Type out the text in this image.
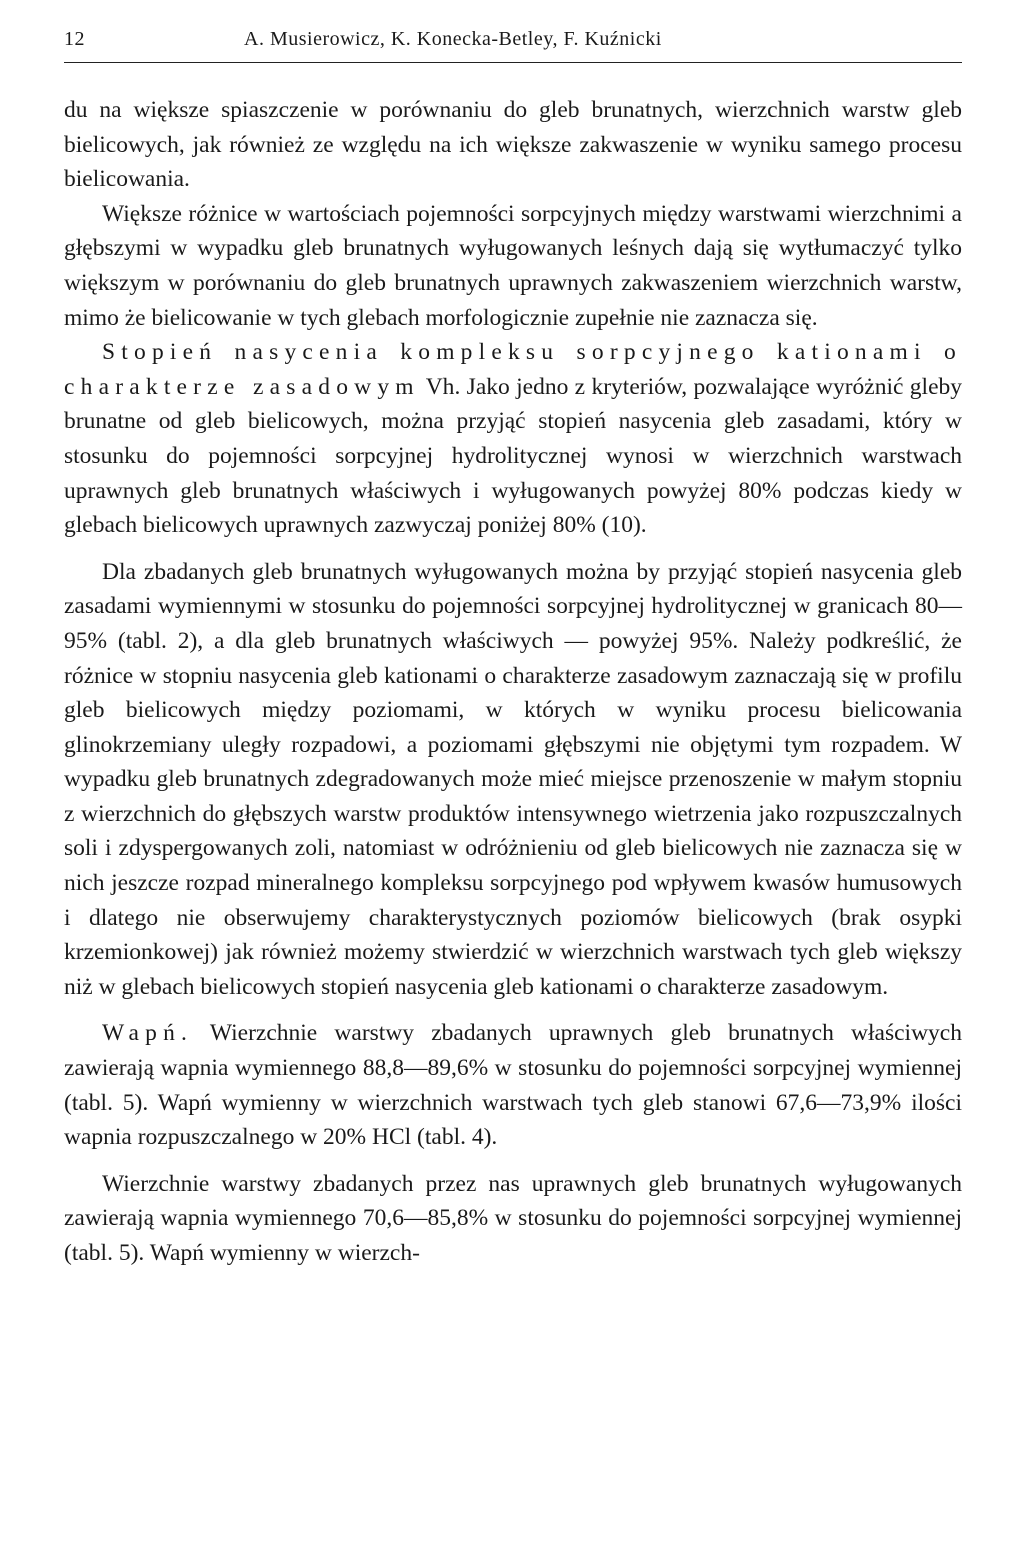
12	A. Musierowicz, K. Konecka-Betley, F. Kuźnicki

du na większe spiaszczenie w porównaniu do gleb brunatnych, wierzchnich warstw gleb bielicowych, jak również ze względu na ich większe zakwaszenie w wyniku samego procesu bielicowania.

Większe różnice w wartościach pojemności sorpcyjnych między warstwami wierzchnimi a głębszymi w wypadku gleb brunatnych wyługowanych leśnych dają się wytłumaczyć tylko większym w porównaniu do gleb brunatnych uprawnych zakwaszeniem wierzchnich warstw, mimo że bielicowanie w tych glebach morfologicznie zupełnie nie zaznacza się.

Stopień nasycenia kompleksu sorpcyjnego kationami o charakterze zasadowym Vh. Jako jedno z kryteriów, pozwalające wyróżnić gleby brunatne od gleb bielicowych, można przyjąć stopień nasycenia gleb zasadami, który w stosunku do pojemności sorpcyjnej hydrolitycznej wynosi w wierzchnich warstwach uprawnych gleb brunatnych właściwych i wyługowanych powyżej 80% podczas kiedy w glebach bielicowych uprawnych zazwyczaj poniżej 80% (10).

Dla zbadanych gleb brunatnych wyługowanych można by przyjąć stopień nasycenia gleb zasadami wymiennymi w stosunku do pojemności sorpcyjnej hydrolitycznej w granicach 80—95% (tabl. 2), a dla gleb brunatnych właściwych — powyżej 95%. Należy podkreślić, że różnice w stopniu nasycenia gleb kationami o charakterze zasadowym zaznaczają się w profilu gleb bielicowych między poziomami, w których w wyniku procesu bielicowania glinokrzemiany uległy rozpadowi, a poziomami głębszymi nie objętymi tym rozpadem. W wypadku gleb brunatnych zdegradowanych może mieć miejsce przenoszenie w małym stopniu z wierzchnich do głębszych warstw produktów intensywnego wietrzenia jako rozpuszczalnych soli i zdyspergowanych zoli, natomiast w odróżnieniu od gleb bielicowych nie zaznacza się w nich jeszcze rozpad mineralnego kompleksu sorpcyjnego pod wpływem kwasów humusowych i dlatego nie obserwujemy charakterystycznych poziomów bielicowych (brak osypki krzemionkowej) jak również możemy stwierdzić w wierzchnich warstwach tych gleb większy niż w glebach bielicowych stopień nasycenia gleb kationami o charakterze zasadowym.

Wapń. Wierzchnie warstwy zbadanych uprawnych gleb brunatnych właściwych zawierają wapnia wymiennego 88,8—89,6% w stosunku do pojemności sorpcyjnej wymiennej (tabl. 5). Wapń wymienny w wierzchnich warstwach tych gleb stanowi 67,6—73,9% ilości wapnia rozpuszczalnego w 20% HCl (tabl. 4).

Wierzchnie warstwy zbadanych przez nas uprawnych gleb brunatnych wyługowanych zawierają wapnia wymiennego 70,6—85,8% w stosunku do pojemności sorpcyjnej wymiennej (tabl. 5). Wapń wymienny w wierzch-
